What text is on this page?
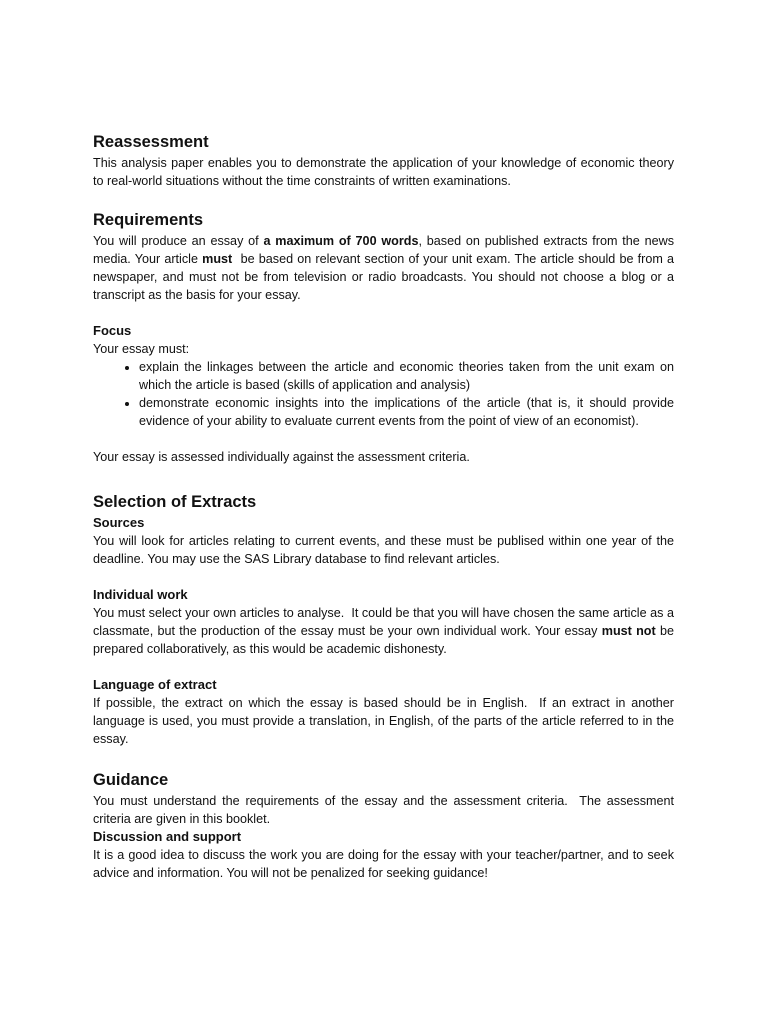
Reassessment

This analysis paper enables you to demonstrate the application of your knowledge of economic theory to real-world situations without the time constraints of written examinations.

Requirements

You will produce an essay of a maximum of 700 words, based on published extracts from the news media. Your article must  be based on relevant section of your unit exam. The article should be from a newspaper, and must not be from television or radio broadcasts. You should not choose a blog or a transcript as the basis for your essay.

Focus

Your essay must:

• explain the linkages between the article and economic theories taken from the unit exam on which the article is based (skills of application and analysis)
• demonstrate economic insights into the implications of the article (that is, it should provide evidence of your ability to evaluate current events from the point of view of an economist).

Your essay is assessed individually against the assessment criteria.

Selection of Extracts
Sources

You will look for articles relating to current events, and these must be publised within one year of the deadline. You may use the SAS Library database to find relevant articles.

Individual work

You must select your own articles to analyse.  It could be that you will have chosen the same article as a classmate, but the production of the essay must be your own individual work. Your essay must not be prepared collaboratively, as this would be academic dishonesty.

Language of extract

If possible, the extract on which the essay is based should be in English.  If an extract in another language is used, you must provide a translation, in English, of the parts of the article referred to in the essay.

Guidance

You must understand the requirements of the essay and the assessment criteria.  The assessment criteria are given in this booklet.

Discussion and support

It is a good idea to discuss the work you are doing for the essay with your teacher/partner, and to seek advice and information. You will not be penalized for seeking guidance!
